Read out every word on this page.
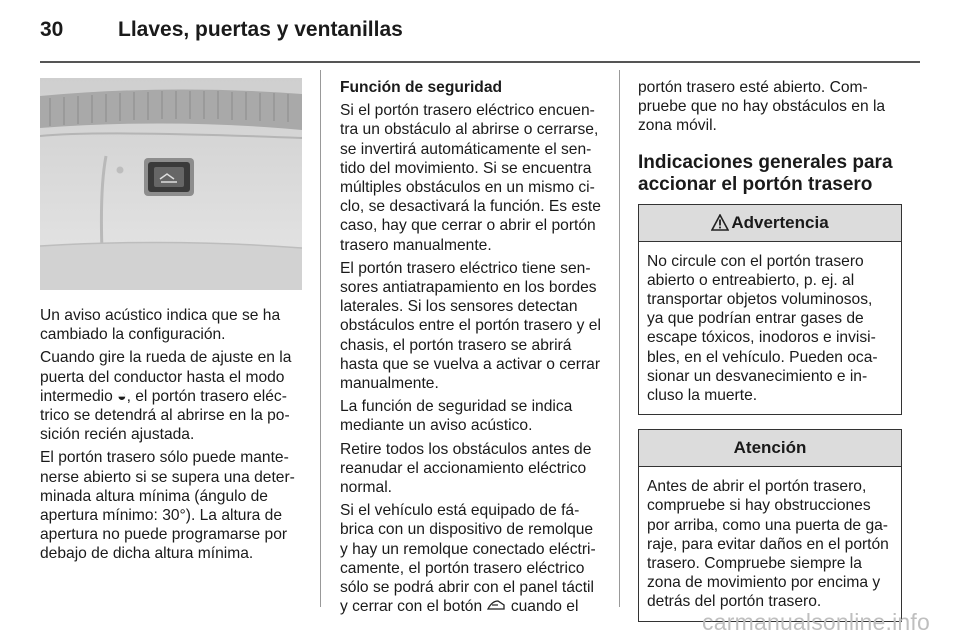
30	Llaves, puertas y ventanillas

Un aviso acústico indica que se ha cambiado la configuración.

Cuando gire la rueda de ajuste en la puerta del conductor hasta el modo intermedio ◒, el portón trasero eléctrico se detendrá al abrirse en la posición recién ajustada.

El portón trasero sólo puede mantenerse abierto si se supera una determinada altura mínima (ángulo de apertura mínimo: 30°). La altura de apertura no puede programarse por debajo de dicha altura mínima.

Función de seguridad

Si el portón trasero eléctrico encuentra un obstáculo al abrirse o cerrarse, se invertirá automáticamente el sentido del movimiento. Si se encuentra múltiples obstáculos en un mismo ciclo, se desactivará la función. Es este caso, hay que cerrar o abrir el portón trasero manualmente.

El portón trasero eléctrico tiene sensores antiatrapamiento en los bordes laterales. Si los sensores detectan obstáculos entre el portón trasero y el chasis, el portón trasero se abrirá hasta que se vuelva a activar o cerrar manualmente.

La función de seguridad se indica mediante un aviso acústico.

Retire todos los obstáculos antes de reanudar el accionamiento eléctrico normal.

Si el vehículo está equipado de fábrica con un dispositivo de remolque y hay un remolque conectado eléctricamente, el portón trasero eléctrico sólo se podrá abrir con el panel táctil y cerrar con el botón  cuando el

portón trasero esté abierto. Compruebe que no hay obstáculos en la zona móvil.

Indicaciones generales para accionar el portón trasero
Advertencia
No circule con el portón trasero abierto o entreabierto, p. ej. al transportar objetos voluminosos, ya que podrían entrar gases de escape tóxicos, inodoros e invisibles, en el vehículo. Pueden ocasionar un desvanecimiento e incluso la muerte.
Atención
Antes de abrir el portón trasero, compruebe si hay obstrucciones por arriba, como una puerta de garaje, para evitar daños en el portón trasero. Compruebe siempre la zona de movimiento por encima y detrás del portón trasero.
carmanualsonline.info
